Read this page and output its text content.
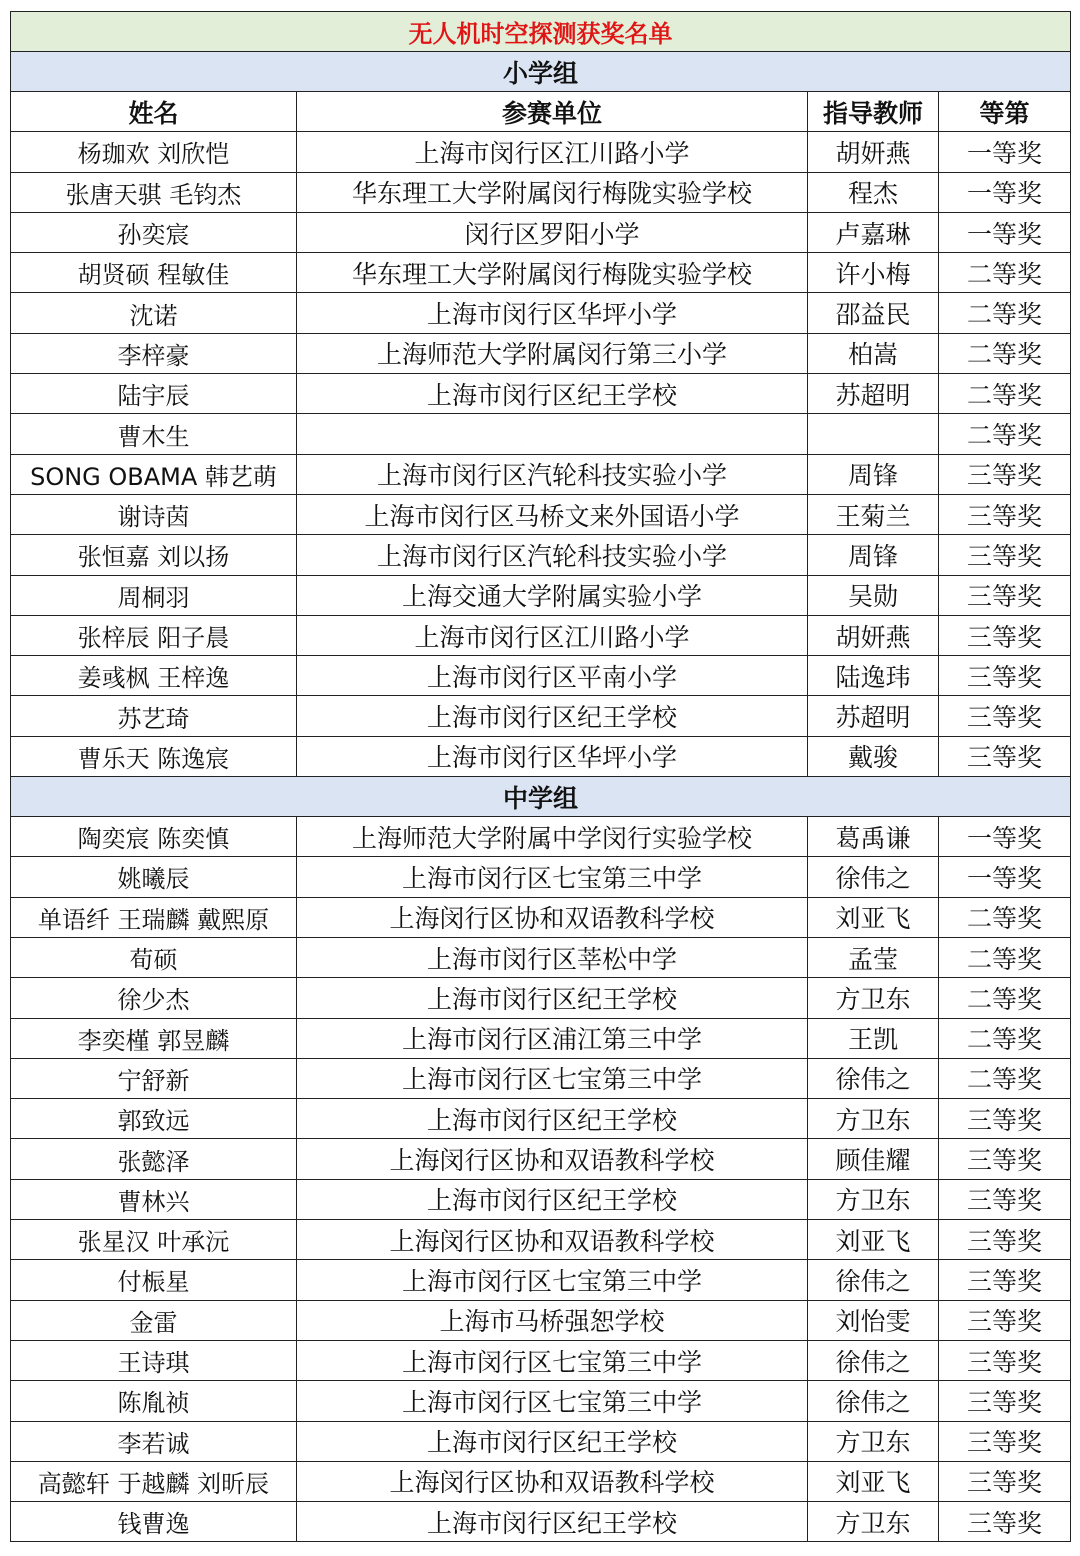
无人机时空探测获奖名单			
小学组			
姓名	参赛单位	指导教师	等第
杨珈欢 刘欣恺	上海市闵行区江川路小学	胡妍燕	一等奖
张唐天骐 毛钧杰	华东理工大学附属闵行梅陇实验学校	程杰	一等奖
孙奕宸	闵行区罗阳小学	卢嘉琳	一等奖
胡贤硕 程敏佳	华东理工大学附属闵行梅陇实验学校	许小梅	二等奖
沈诺	上海市闵行区华坪小学	邵益民	二等奖
李梓豪	上海师范大学附属闵行第三小学	柏嵩	二等奖
陆宇辰	上海市闵行区纪王学校	苏超明	二等奖
曹木生			二等奖
SONG OBAMA 韩艺萌	上海市闵行区汽轮科技实验小学	周锋	三等奖
谢诗茵	上海市闵行区马桥文来外国语小学	王菊兰	三等奖
张恒嘉 刘以扬	上海市闵行区汽轮科技实验小学	周锋	三等奖
周桐羽	上海交通大学附属实验小学	吴勋	三等奖
张梓辰 阳子晨	上海市闵行区江川路小学	胡妍燕	三等奖
姜彧枫 王梓逸	上海市闵行区平南小学	陆逸玮	三等奖
苏艺琦	上海市闵行区纪王学校	苏超明	三等奖
曹乐天 陈逸宸	上海市闵行区华坪小学	戴骏	三等奖
中学组			
陶奕宸 陈奕慎	上海师范大学附属中学闵行实验学校	葛禹谦	一等奖
姚曦辰	上海市闵行区七宝第三中学	徐伟之	一等奖
单语纤 王瑞麟 戴熙原	上海闵行区协和双语教科学校	刘亚飞	二等奖
荀硕	上海市闵行区莘松中学	孟莹	二等奖
徐少杰	上海市闵行区纪王学校	方卫东	二等奖
李奕槿 郭昱麟	上海市闵行区浦江第三中学	王凯	二等奖
宁舒新	上海市闵行区七宝第三中学	徐伟之	二等奖
郭致远	上海市闵行区纪王学校	方卫东	三等奖
张懿泽	上海闵行区协和双语教科学校	顾佳耀	三等奖
曹林兴	上海市闵行区纪王学校	方卫东	三等奖
张星汉 叶承沅	上海闵行区协和双语教科学校	刘亚飞	三等奖
付桭星	上海市闵行区七宝第三中学	徐伟之	三等奖
金雷	上海市马桥强恕学校	刘怡雯	三等奖
王诗琪	上海市闵行区七宝第三中学	徐伟之	三等奖
陈胤祯	上海市闵行区七宝第三中学	徐伟之	三等奖
李若诚	上海市闵行区纪王学校	方卫东	三等奖
高懿轩 于越麟 刘昕辰	上海闵行区协和双语教科学校	刘亚飞	三等奖
钱曹逸	上海市闵行区纪王学校	方卫东	三等奖
